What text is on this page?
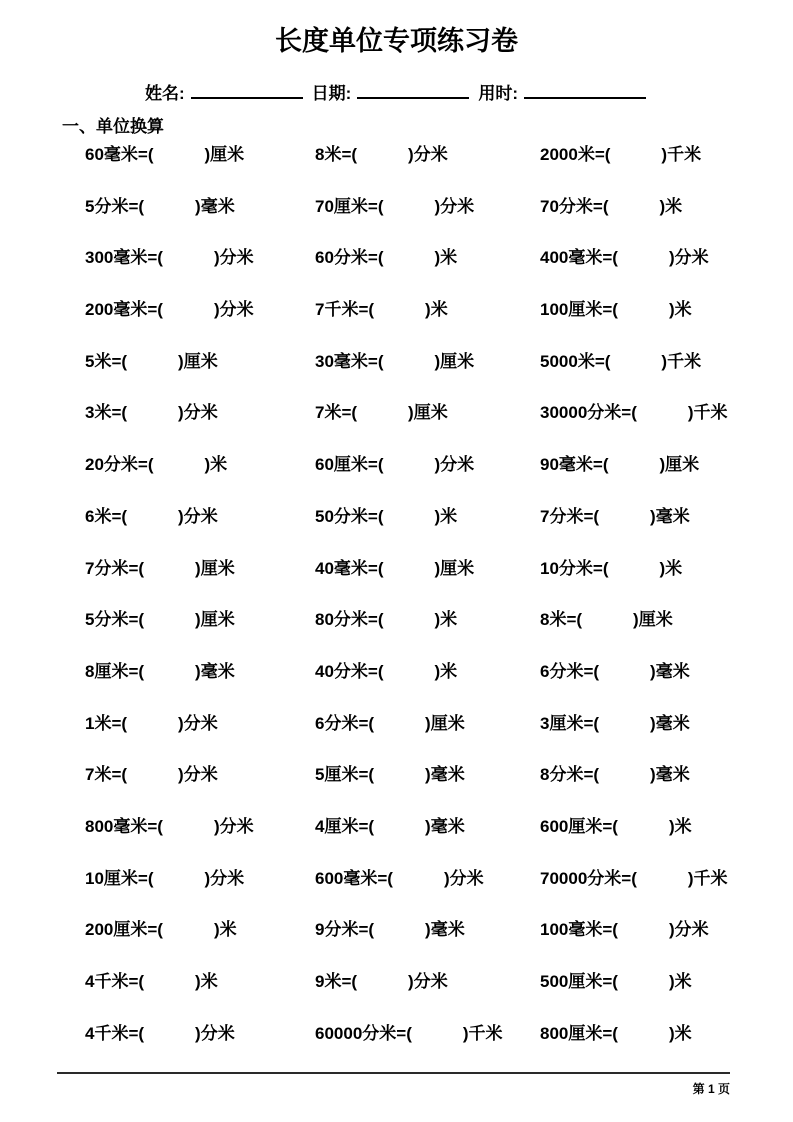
长度单位专项练习卷
姓名:	日期:	用时:
一、单位换算
60毫米=(　　　)厘米	8米=(　　　)分米	2000米=(　　　)千米
5分米=(　　　)毫米	70厘米=(　　　)分米	70分米=(　　　)米
300毫米=(　　　)分米	60分米=(　　　)米	400毫米=(　　　)分米
200毫米=(　　　)分米	7千米=(　　　)米	100厘米=(　　　)米
5米=(　　　)厘米	30毫米=(　　　)厘米	5000米=(　　　)千米
3米=(　　　)分米	7米=(　　　)厘米	30000分米=(　　　)千米
20分米=(　　　)米	60厘米=(　　　)分米	90毫米=(　　　)厘米
6米=(　　　)分米	50分米=(　　　)米	7分米=(　　　)毫米
7分米=(　　　)厘米	40毫米=(　　　)厘米	10分米=(　　　)米
5分米=(　　　)厘米	80分米=(　　　)米	8米=(　　　)厘米
8厘米=(　　　)毫米	40分米=(　　　)米	6分米=(　　　)毫米
1米=(　　　)分米	6分米=(　　　)厘米	3厘米=(　　　)毫米
7米=(　　　)分米	5厘米=(　　　)毫米	8分米=(　　　)毫米
800毫米=(　　　)分米	4厘米=(　　　)毫米	600厘米=(　　　)米
10厘米=(　　　)分米	600毫米=(　　　)分米	70000分米=(　　　)千米
200厘米=(　　　)米	9分米=(　　　)毫米	100毫米=(　　　)分米
4千米=(　　　)米	9米=(　　　)分米	500厘米=(　　　)米
4千米=(　　　)分米	60000分米=(　　　)千米	800厘米=(　　　)米
第 1 页
